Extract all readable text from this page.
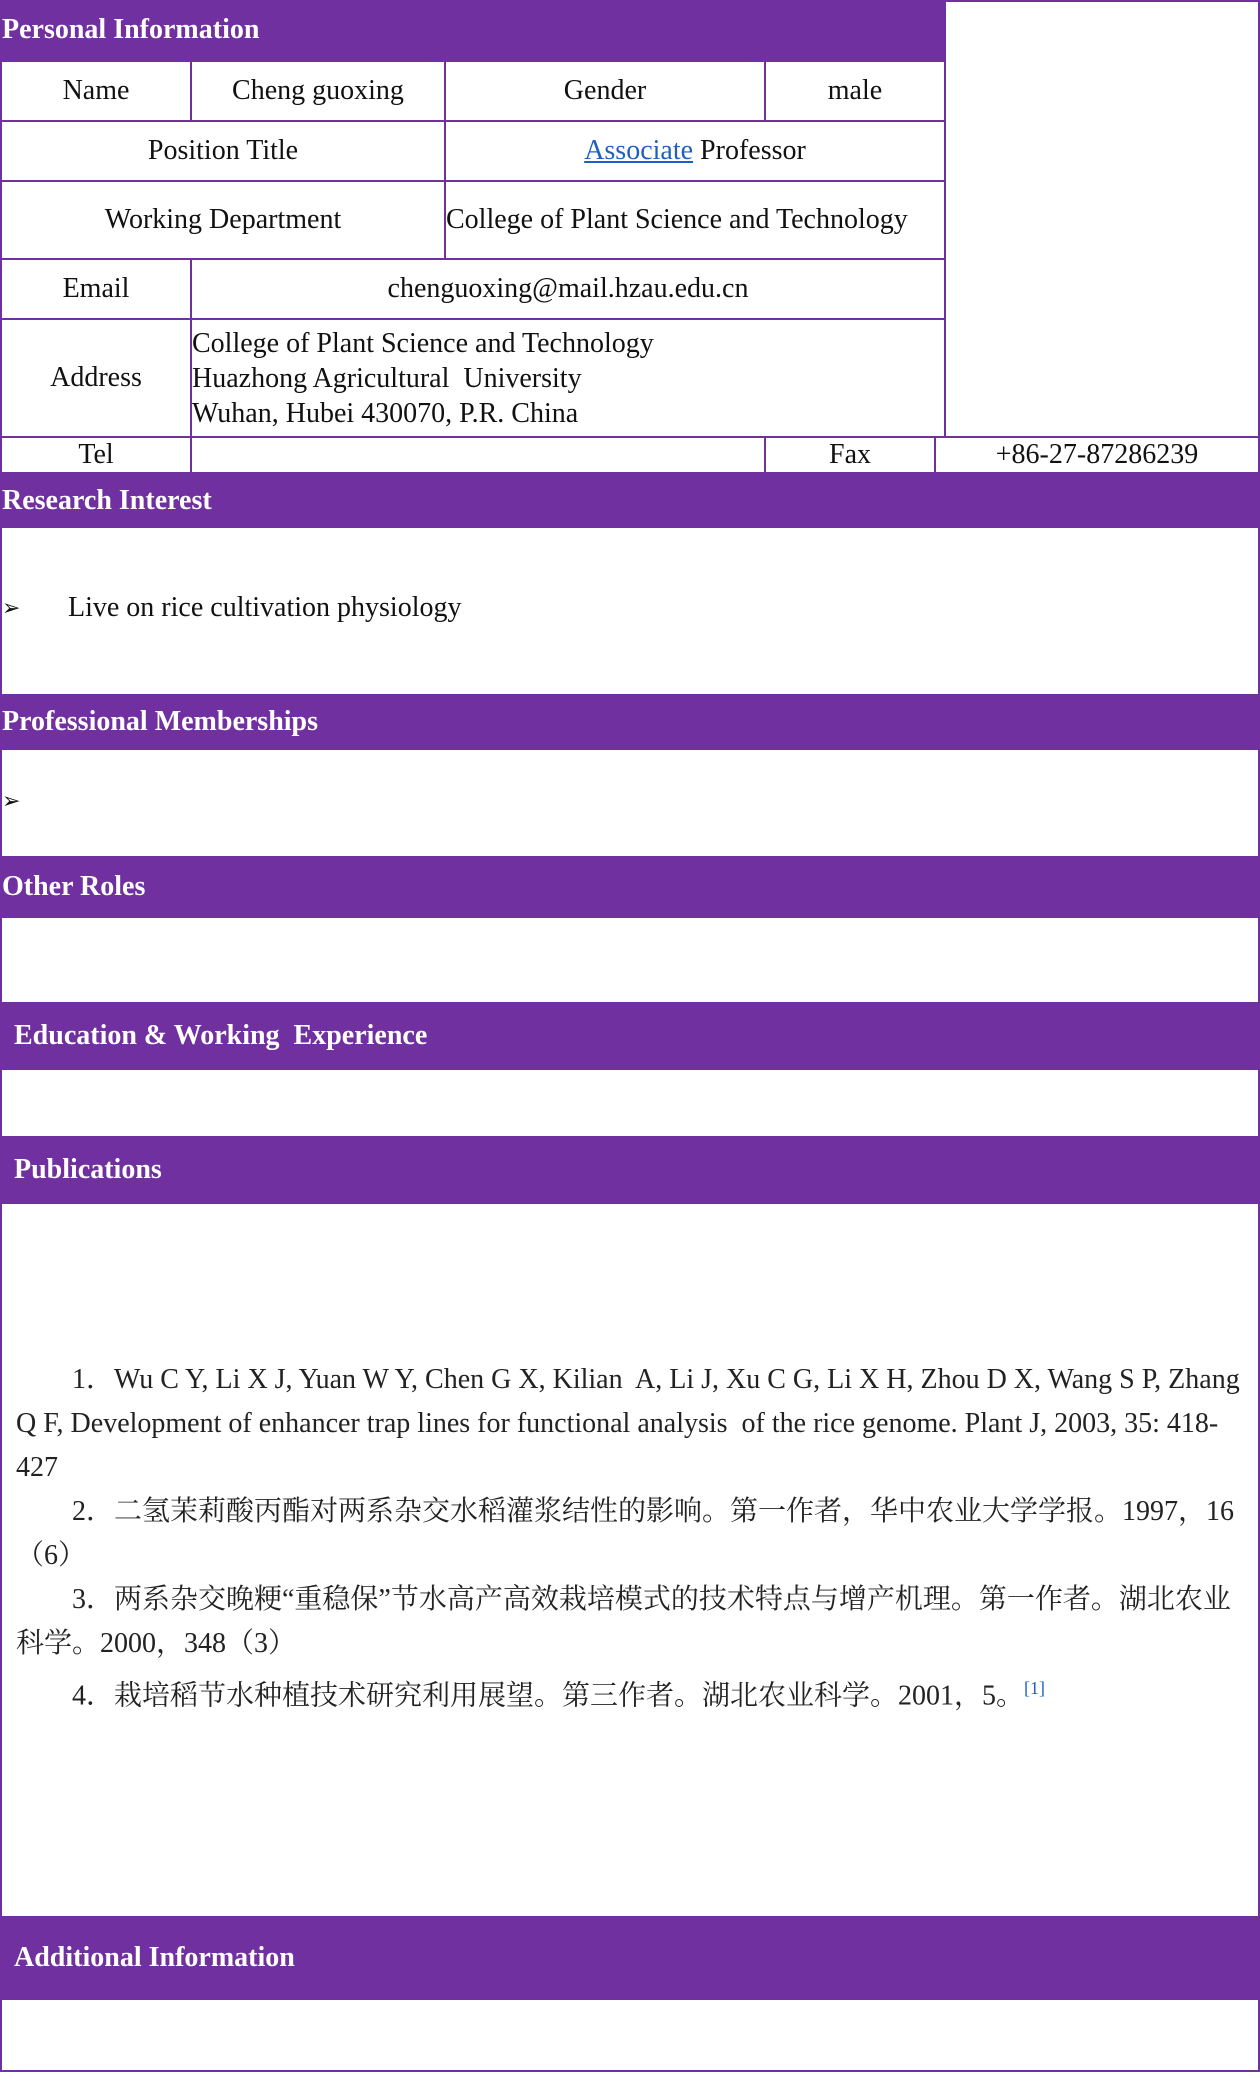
Personal Information
Name	Cheng guoxing	Gender	male
Position Title	Associate Professor
Working Department	College of Plant Science and Technology
Email	chenguoxing@mail.hzau.edu.cn
Address
College of Plant Science and Technology
Huazhong Agricultural  University
Wuhan, Hubei 430070, P.R. China
Tel	Fax	+86-27-87286239
Research Interest
➢	Live on rice cultivation physiology
Professional Memberships
➢
Other Roles
Education & Working  Experience
Publications

1．Wu C Y, Li X J, Yuan W Y, Chen G X, Kilian  A, Li J, Xu C G, Li X H, Zhou D X, Wang S P, Zhang Q F, Development of enhancer trap lines for functional analysis  of the rice genome. Plant J, 2003, 35: 418-427

2．二氢茉莉酸丙酯对两系杂交水稻灌浆结性的影响。第一作者，华中农业大学学报。1997，16（6）

3．两系杂交晚粳“重稳保”节水高产高效栽培模式的技术特点与增产机理。第一作者。湖北农业科学。2000，348（3）

4．栽培稻节水种植技术研究利用展望。第三作者。湖北农业科学。2001，5。[1]

Additional Information
